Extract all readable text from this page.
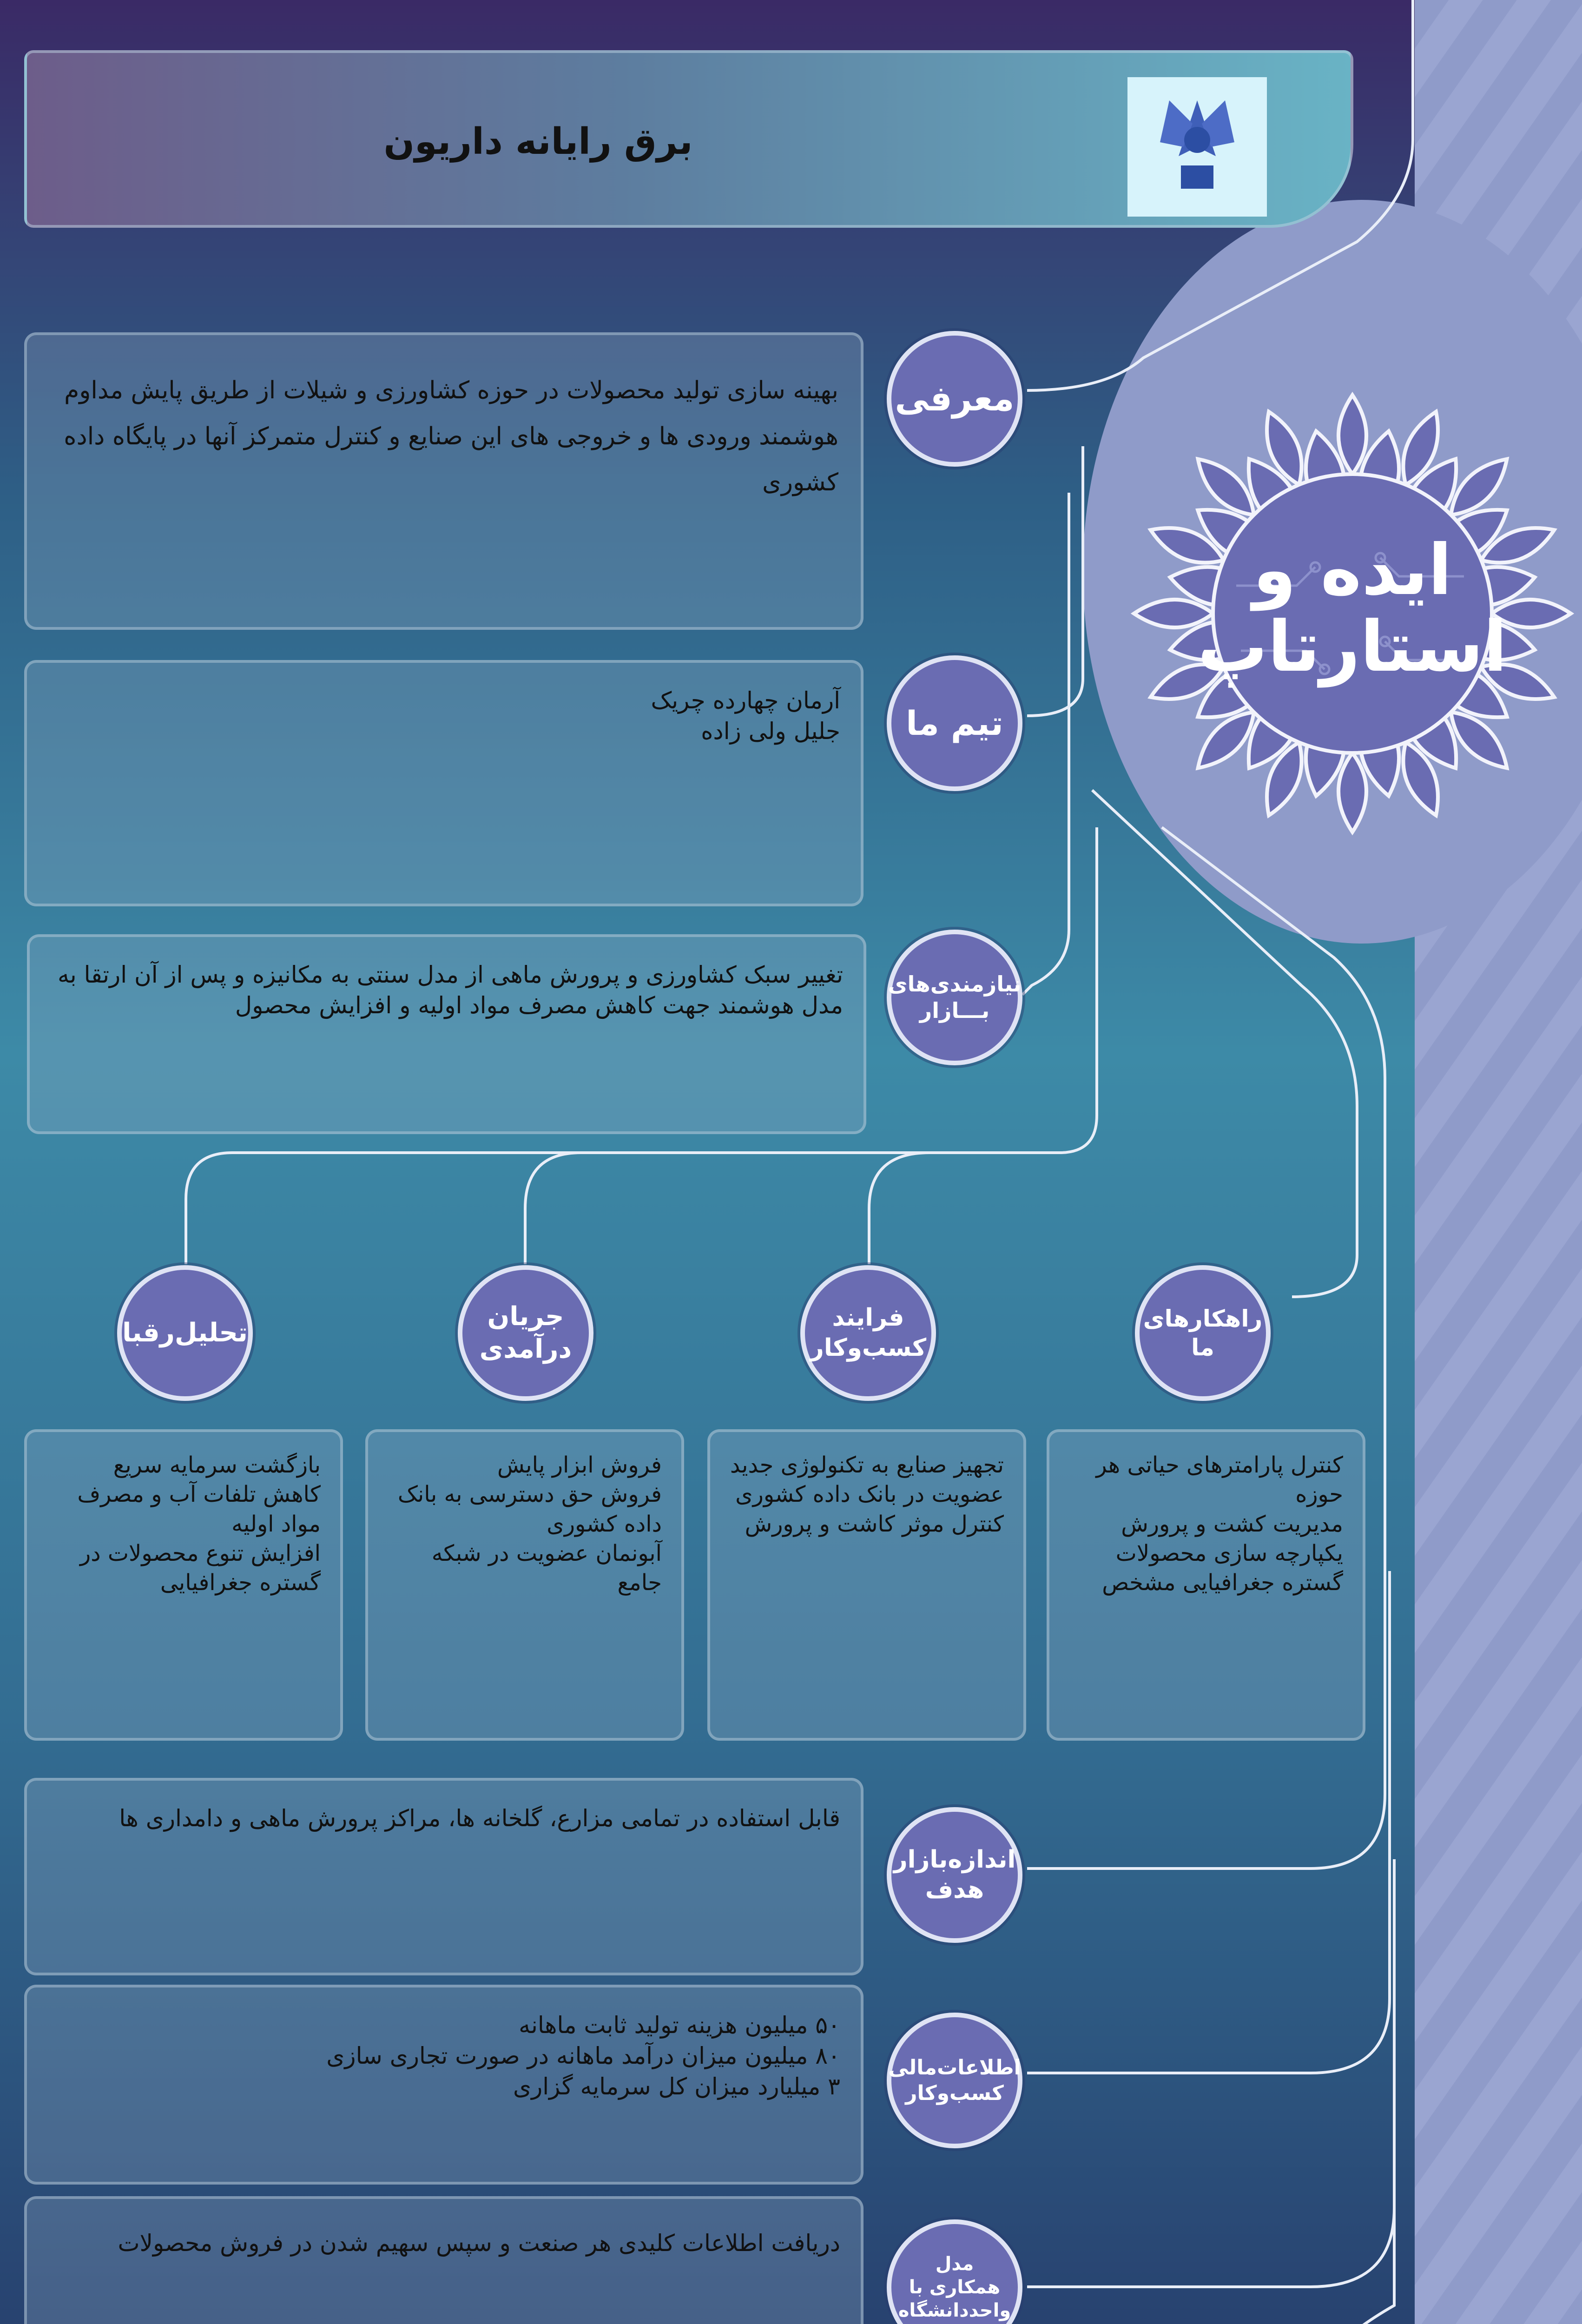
برق رایانه داریون
ایده و
استارتاپ
بهینه سازی تولید محصولات در حوزه کشاورزی و شیلات از طریق پایش مداوم هوشمند ورودی ها و خروجی های این صنایع و کنترل متمرکز آنها در پایگاه داده کشوری
معرفی
آرمان چهارده چریک
جلیل ولی زاده	تیم ما
تغییر سبک کشاورزی و پرورش ماهی از مدل سنتی به مکانیزه و پس از آن ارتقا به مدل هوشمند جهت کاهش مصرف مواد اولیه و افزایش محصول
نیازمندی‌های
بـــازار
راهکارهای
ما
فرایند
کسب‌وکار
جریان
درآمدی
تحلیل‌رقبا
کنترل پارامترهای حیاتی هر حوزه
مدیریت کشت و پرورش
یکپارچه سازی محصولات گستره جغرافیایی مشخص
تجهیز صنایع به تکنولوژی جدید
عضویت در بانک داده کشوری
کنترل موثر کاشت و پرورش
فروش ابزار پایش
فروش حق دسترسی به بانک داده کشوری
آبونمان عضویت در شبکه جامع
بازگشت سرمایه سریع
کاهش تلفات آب و مصرف مواد اولیه
افزایش تنوع محصولات در گستره جغرافیایی
قابل استفاده در تمامی مزارع، گلخانه ها، مراکز پرورش ماهی و دامداری ها
اندازه‌بازار
هدف
۵۰ میلیون هزینه تولید ثابت ماهانه
۸۰ میلیون میزان درآمد ماهانه در صورت تجاری سازی
۳ میلیارد میزان کل سرمایه گزاری
اطلاعات‌مالی
کسب‌وکار
دریافت اطلاعات کلیدی هر صنعت و سپس سهیم شدن در فروش محصولات
مدل
همکاری با
واحد‌دانشگاه
